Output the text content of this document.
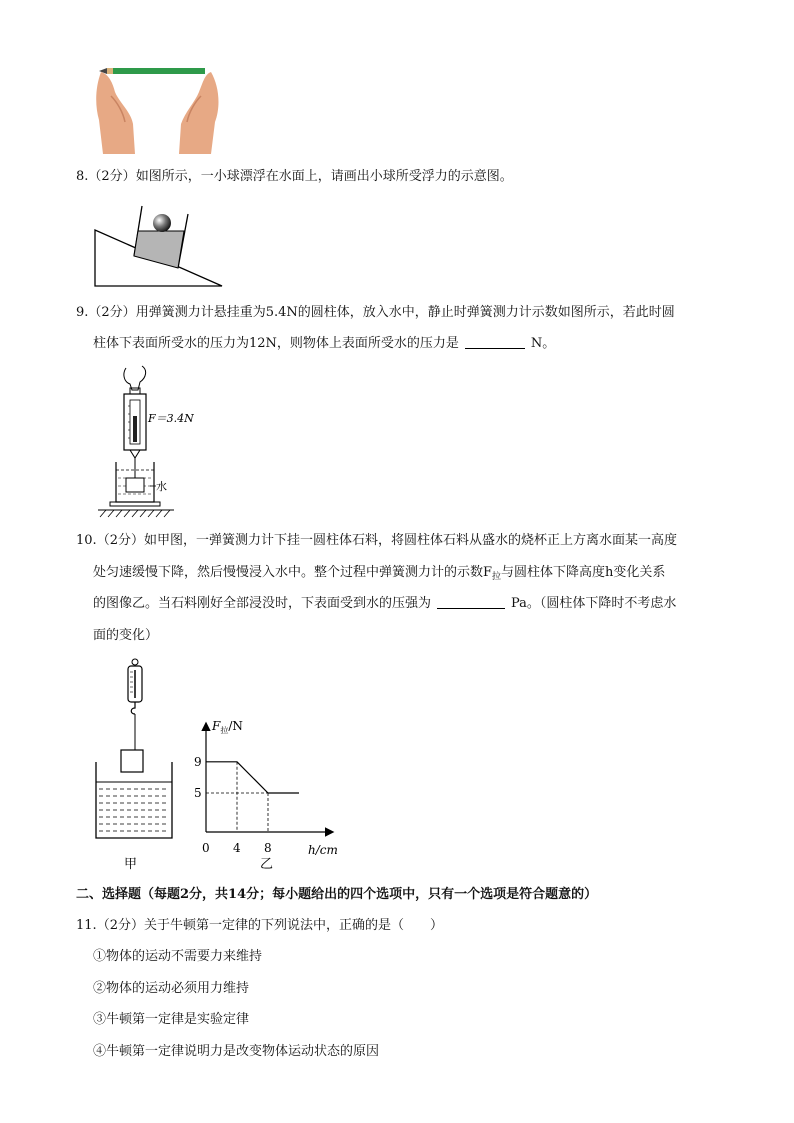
8.（2分）如图所示，一小球漂浮在水面上，请画出小球所受浮力的示意图。
9.（2分）用弹簧测力计悬挂重为5.4N的圆柱体，放入水中，静止时弹簧测力计示数如图所示，若此时圆
柱体下表面所受水的压力为12N，则物体上表面所受水的压力是	N。
F＝3.4N
水
10.（2分）如甲图，一弹簧测力计下挂一圆柱体石料，将圆柱体石料从盛水的烧杯正上方离水面某一高度
处匀速缓慢下降，然后慢慢浸入水中。整个过程中弹簧测力计的示数$F_拉$与圆柱体下降高度h变化关系
的图像乙。当石料刚好全部浸没时，下表面受到水的压强为	Pa。（圆柱体下降时不考虑水
面的变化）
甲
$F_拉/N$
h/cm
0 4 8
9
5
乙
二、选择题（每题2分，共14分；每小题给出的四个选项中，只有一个选项是符合题意的）
11.（2分）关于牛顿第一定律的下列说法中，正确的是（　　）
①物体的运动不需要力来维持
②物体的运动必须用力维持
③牛顿第一定律是实验定律
④牛顿第一定律说明力是改变物体运动状态的原因
